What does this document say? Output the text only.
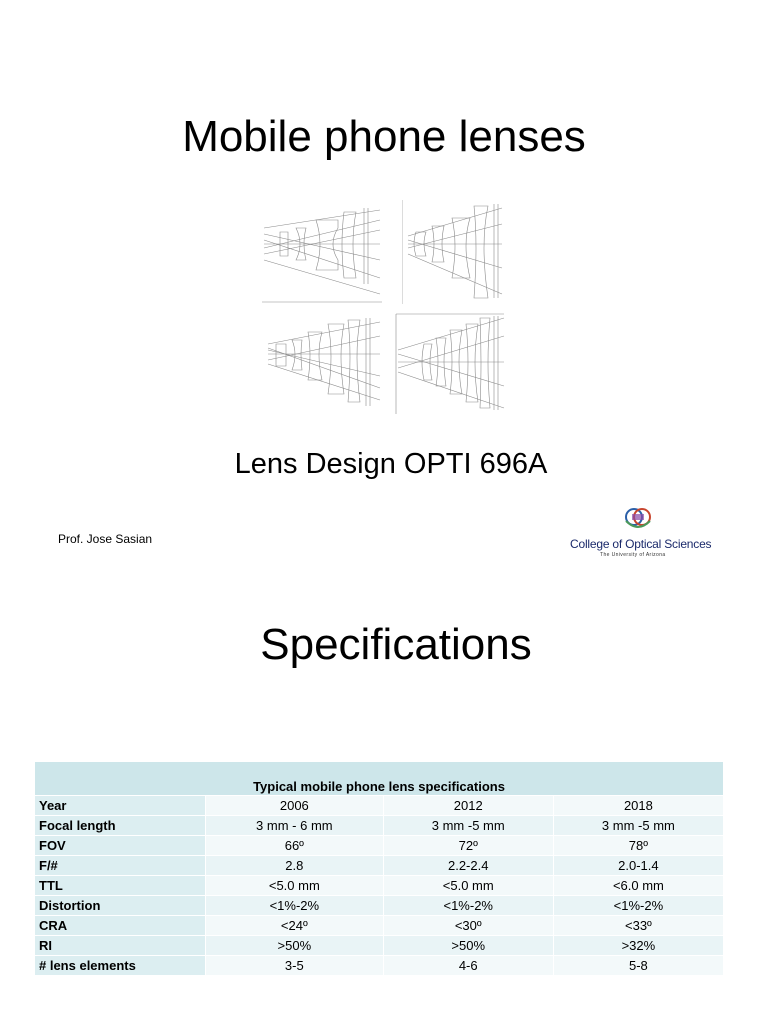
Mobile phone lenses

Lens Design OPTI 696A

Prof. Jose Sasian	College of Optical Sciences
The University of Arizona
Specifications
Typical mobile phone lens specifications			
Year	2006	2012	2018
Focal length	3 mm - 6 mm	3 mm -5 mm	3 mm -5 mm
FOV	66º	72º	78º
F/#	2.8	2.2-2.4	2.0-1.4
TTL	<5.0 mm	<5.0 mm	<6.0 mm
Distortion	<1%-2%	<1%-2%	<1%-2%
CRA	<24º	<30º	<33º
RI	>50%	>50%	>32%
# lens elements	3-5	4-6	5-8
